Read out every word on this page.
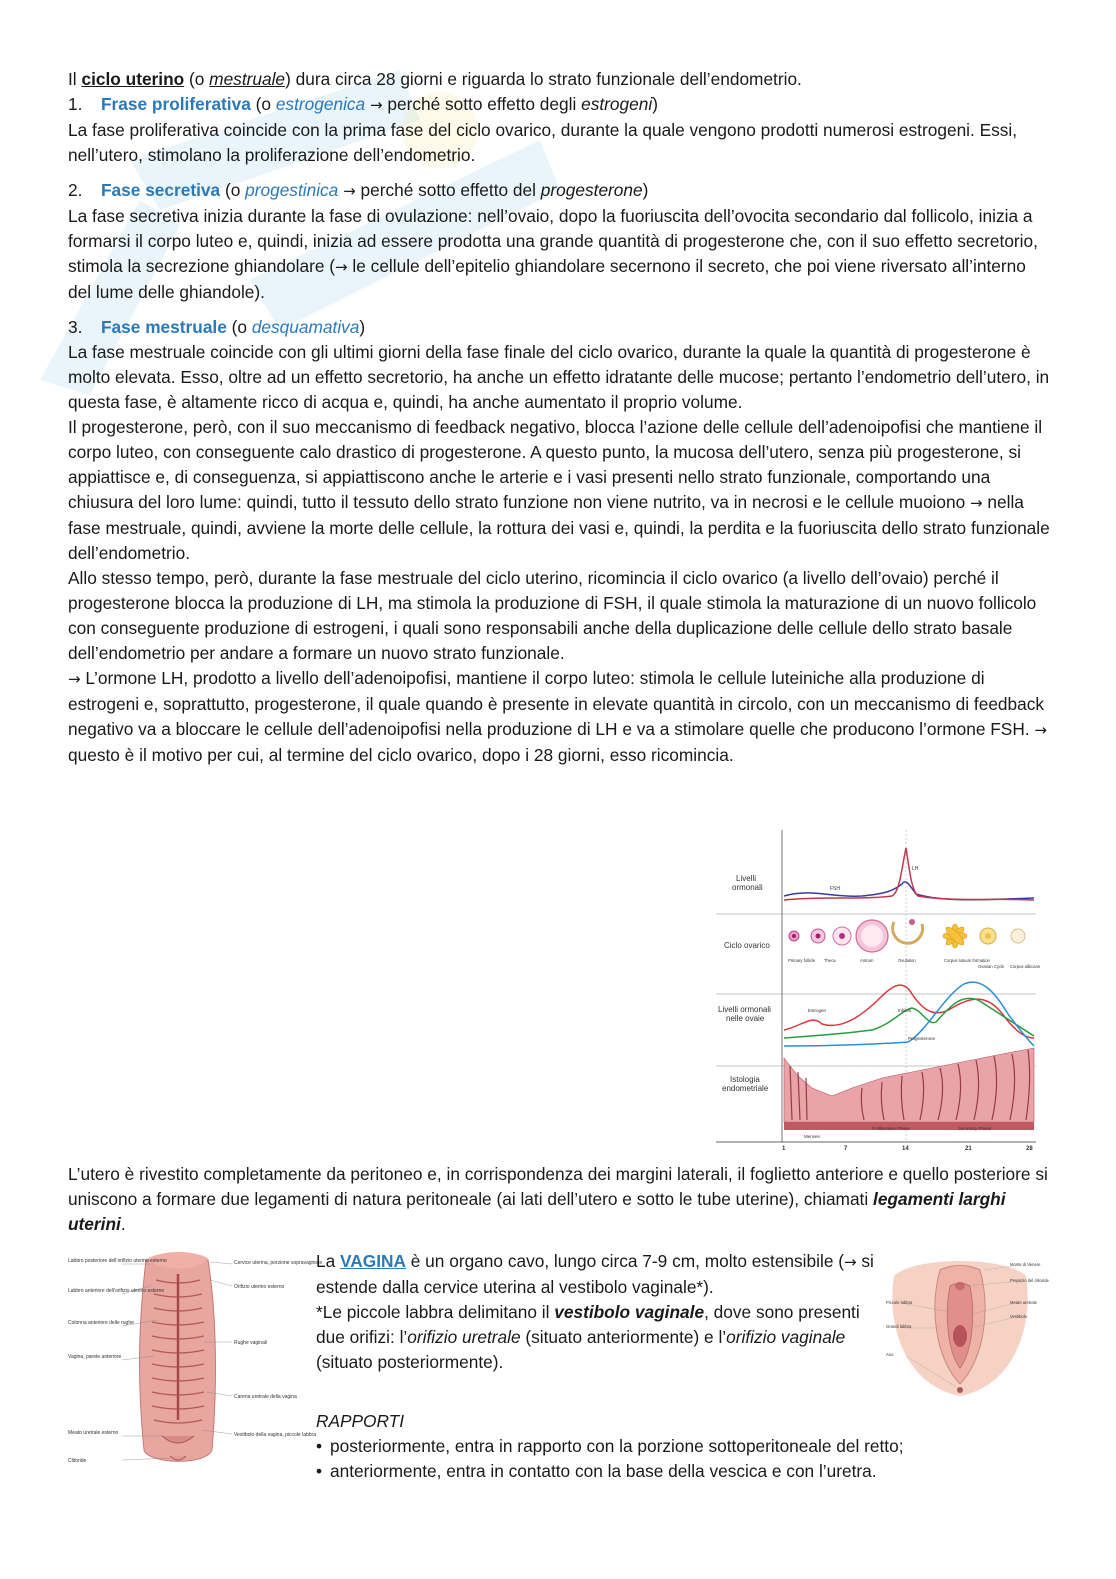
Il ciclo uterino (o mestruale) dura circa 28 giorni e riguarda lo strato funzionale dell’endometrio.

1. Frase proliferativa (o estrogenica → perché sotto effetto degli estrogeni)

La fase proliferativa coincide con la prima fase del ciclo ovarico, durante la quale vengono prodotti numerosi estrogeni. Essi, nell’utero, stimolano la proliferazione dell’endometrio.

2. Fase secretiva (o progestinica → perché sotto effetto del progesterone)

La fase secretiva inizia durante la fase di ovulazione: nell’ovaio, dopo la fuoriuscita dell’ovocita secondario dal follicolo, inizia a formarsi il corpo luteo e, quindi, inizia ad essere prodotta una grande quantità di progesterone che, con il suo effetto secretorio, stimola la secrezione ghiandolare (→ le cellule dell’epitelio ghiandolare secernono il secreto, che poi viene riversato all’interno del lume delle ghiandole).

3. Fase mestruale (o desquamativa)

La fase mestruale coincide con gli ultimi giorni della fase finale del ciclo ovarico, durante la quale la quantità di progesterone è molto elevata. Esso, oltre ad un effetto secretorio, ha anche un effetto idratante delle mucose; pertanto l’endometrio dell’utero, in questa fase, è altamente ricco di acqua e, quindi, ha anche aumentato il proprio volume.

Il progesterone, però, con il suo meccanismo di feedback negativo, blocca l’azione delle cellule dell’adenoipofisi che mantiene il corpo luteo, con conseguente calo drastico di progesterone. A questo punto, la mucosa dell’utero, senza più progesterone, si appiattisce e, di conseguenza, si appiattiscono anche le arterie e i vasi presenti nello strato funzionale, comportando una chiusura del loro lume: quindi, tutto il tessuto dello strato funzione non viene nutrito, va in necrosi e le cellule muoiono → nella fase mestruale, quindi, avviene la morte delle cellule, la rottura dei vasi e, quindi, la perdita e la fuoriuscita dello strato funzionale dell’endometrio.

Allo stesso tempo, però, durante la fase mestruale del ciclo uterino, ricomincia il ciclo ovarico (a livello dell’ovaio) perché il progesterone blocca la produzione di LH, ma stimola la produzione di FSH, il quale stimola la maturazione di un nuovo follicolo con conseguente produzione di estrogeni, i quali sono responsabili anche della duplicazione delle cellule dello strato basale dell’endometrio per andare a formare un nuovo strato funzionale.

→ L’ormone LH, prodotto a livello dell’adenoipofisi, mantiene il corpo luteo: stimola le cellule luteiniche alla produzione di estrogeni e, soprattutto, progesterone, il quale quando è presente in elevate quantità in circolo, con un meccanismo di feedback negativo va a bloccare le cellule dell’adenoipofisi nella produzione di LH e va a stimolare quelle che producono l’ormone FSH. → questo è il motivo per cui, al termine del ciclo ovarico, dopo i 28 giorni, esso ricomincia.

Livelli
ormonali
Ciclo ovarico
Livelli ormonali
nelle ovaie
Istologia
endometriale
LH
FSH
Primary follicle Theca	Antrum	Ovulation	Corpus luteum formation
Ovarian Cycle Corpus albicans
Estrogen	Inhibin
Progesterone
Menses
Proliferative Phase	Secretory Phase
1	7	14	21	28

L’utero è rivestito completamente da peritoneo e, in corrispondenza dei margini laterali, il foglietto anteriore e quello posteriore si uniscono a formare due legamenti di natura peritoneale (ai lati dell’utero e sotto le tube uterine), chiamati legamenti larghi uterini.

Labbro posteriore dell’orifizio uterino esterno
Labbro anteriore dell’orifizio uterino esterno
Colonna anteriore delle rughe
Vagina, parete anteriore
Meato uretrale esterno
Clitoride
Cervice uterina, porzione sopravaginale
Orifizio uterino esterno
Rughe vaginali
Carena uretrale della vagina
Vestibolo della vagina, piccole labbra

La VAGINA è un organo cavo, lungo circa 7-9 cm, molto estensibile (→ si estende dalla cervice uterina al vestibolo vaginale*).

*Le piccole labbra delimitano il vestibolo vaginale, dove sono presenti due orifizi: l’orifizio uretrale (situato anteriormente) e l’orifizio vaginale (situato posteriormente).

Piccole labbra
Grandi labbra
Ano
Monte di Venere
Prepuzio del clitoride
Meato uretrale
Vestibolo

RAPPORTI

• posteriormente, entra in rapporto con la porzione sottoperitoneale del retto;

• anteriormente, entra in contatto con la base della vescica e con l’uretra.
